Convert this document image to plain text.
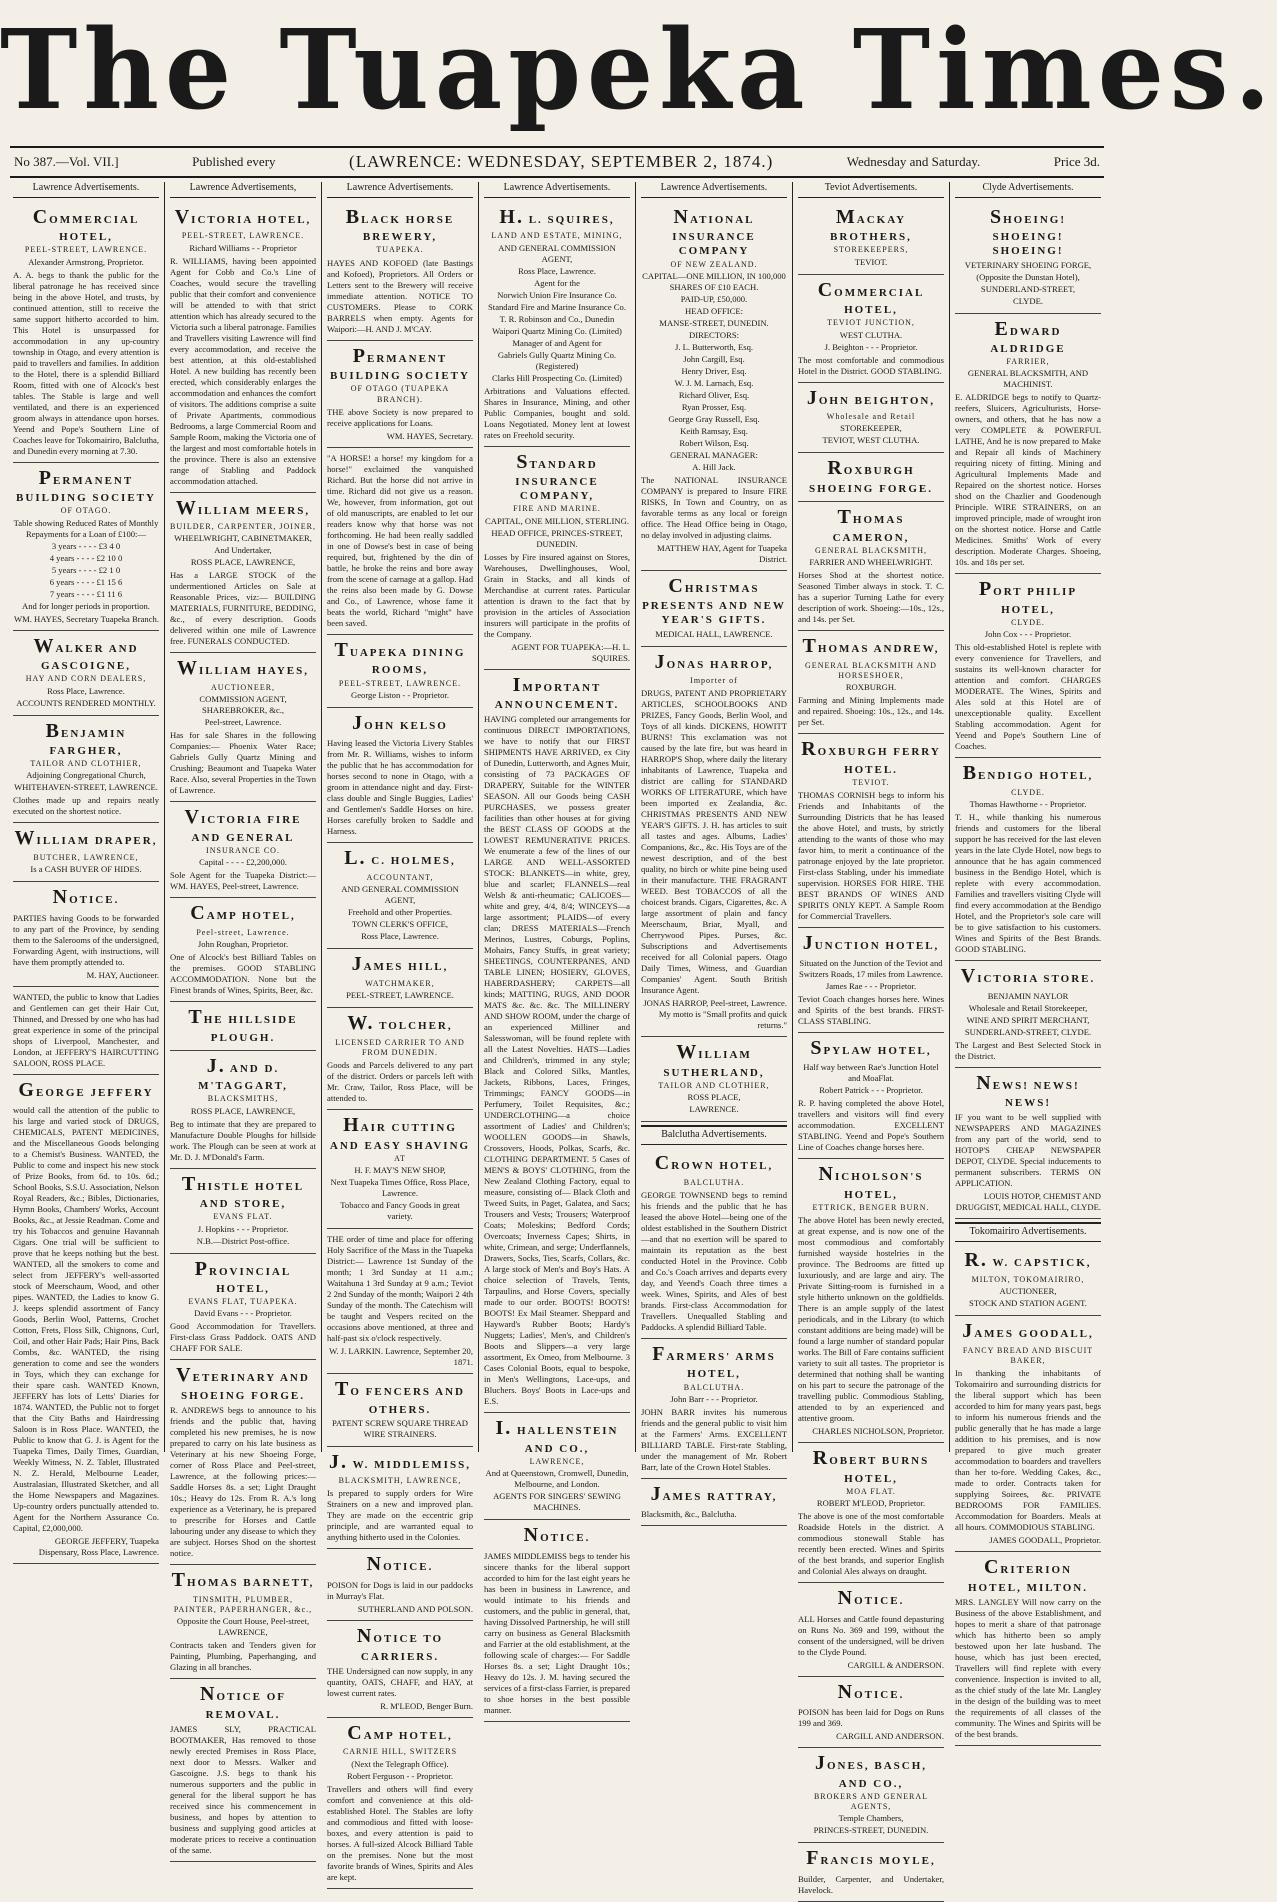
The Tuapeka Times.
No 387.—Vol. VII.]	Published every	(LAWRENCE: WEDNESDAY, SEPTEMBER 2, 1874.)	Wednesday and Saturday.	Price 3d.
Lawrence Advertisements.
COMMERCIAL HOTEL,
PEEL-STREET, LAWRENCE.
Alexander Armstrong, Proprietor.
A. A. begs to thank the public for the liberal patronage he has received since being in the above Hotel, and trusts, by continued attention, still to receive the same support hitherto accorded to him. This Hotel is unsurpassed for accommodation in any up-country township in Otago, and every attention is paid to travellers and families. In addition to the Hotel, there is a splendid Billiard Room, fitted with one of Alcock's best tables. The Stable is large and well ventilated, and there is an experienced groom always in attendance upon horses. Yeend and Pope's Southern Line of Coaches leave for Tokomairiro, Balclutha, and Dunedin every morning at 7.30.
PERMANENT BUILDING SOCIETY
OF OTAGO.
Table showing Reduced Rates of Monthly Repayments for a Loan of £100:—
3 years - - - - £3 4 0
4 years - - - - £2 10 0
5 years - - - - £2 1 0
6 years - - - - £1 15 6
7 years - - - - £1 11 6
And for longer periods in proportion.
WM. HAYES, Secretary Tuapeka Branch.
WALKER AND GASCOIGNE,
HAY AND CORN DEALERS,
Ross Place, Lawrence.
ACCOUNTS RENDERED MONTHLY.
BENJAMIN FARGHER,
TAILOR AND CLOTHIER,
Adjoining Congregational Church,
WHITEHAVEN-STREET, LAWRENCE.
Clothes made up and repairs neatly executed on the shortest notice.
WILLIAM DRAPER,
BUTCHER, LAWRENCE,
Is a CASH BUYER OF HIDES.
NOTICE.
PARTIES having Goods to be forwarded to any part of the Province, by sending them to the Salerooms of the undersigned, Forwarding Agent, with instructions, will have them promptly attended to.
M. HAY, Auctioneer.
WANTED, the public to know that Ladies and Gentlemen can get their Hair Cut, Thinned, and Dressed by one who has had great experience in some of the principal shops of Liverpool, Manchester, and London, at JEFFERY'S HAIRCUTTING SALOON, ROSS PLACE.
GEORGE JEFFERY
would call the attention of the public to his large and varied stock of DRUGS, CHEMICALS, PATENT MEDICINES, and the Miscellaneous Goods belonging to a Chemist's Business. WANTED, the Public to come and inspect his new stock of Prize Books, from 6d. to 10s. 6d.; School Books, S.S.U. Association, Nelson Royal Readers, &c.; Bibles, Dictionaries, Hymn Books, Chambers' Works, Account Books, &c., at Jessie Readman. Come and try his Tobaccos and genuine Havannah Cigars. One trial will be sufficient to prove that he keeps nothing but the best. WANTED, all the smokers to come and select from JEFFERY's well-assorted stock of Meerschaum, Wood, and other pipes. WANTED, the Ladies to know G. J. keeps splendid assortment of Fancy Goods, Berlin Wool, Patterns, Crochet Cotton, Frets, Floss Silk, Chignons, Curl, Coil, and other Hair Pads; Hair Pins, Back Combs, &c. WANTED, the rising generation to come and see the wonders in Toys, which they can exchange for their spare cash. WANTED Known, JEFFERY has lots of Letts' Diaries for 1874. WANTED, the Public not to forget that the City Baths and Hairdressing Saloon is in Ross Place. WANTED, the Public to know that G. J. is Agent for the Tuapeka Times, Daily Times, Guardian, Weekly Witness, N. Z. Tablet, Illustrated N. Z. Herald, Melbourne Leader, Australasian, Illustrated Sketcher, and all the Home Newspapers and Magazines. Up-country orders punctually attended to. Agent for the Northern Assurance Co. Capital, £2,000,000.
GEORGE JEFFERY, Tuapeka Dispensary, Ross Place, Lawrence.
Lawrence Advertisements,
VICTORIA HOTEL,
PEEL-STREET, LAWRENCE.
Richard Williams - - Proprietor
R. WILLIAMS, having been appointed Agent for Cobb and Co.'s Line of Coaches, would secure the travelling public that their comfort and convenience will be attended to with that strict attention which has already secured to the Victoria such a liberal patronage. Families and Travellers visiting Lawrence will find every accommodation, and receive the best attention, at this old-established Hotel. A new building has recently been erected, which considerably enlarges the accommodation and enhances the comfort of visitors. The additions comprise a suite of Private Apartments, commodious Bedrooms, a large Commercial Room and Sample Room, making the Victoria one of the largest and most comfortable hotels in the province. There is also an extensive range of Stabling and Paddock accommodation attached.
WILLIAM MEERS,
BUILDER, CARPENTER, JOINER,
WHEELWRIGHT, CABINETMAKER,
And Undertaker,
ROSS PLACE, LAWRENCE,
Has a LARGE STOCK of the undermentioned Articles on Sale at Reasonable Prices, viz:— BUILDING MATERIALS, FURNITURE, BEDDING, &c., of every description. Goods delivered within one mile of Lawrence free. FUNERALS CONDUCTED.
WILLIAM HAYES,
AUCTIONEER,
COMMISSION AGENT, SHAREBROKER, &c.,
Peel-street, Lawrence.
Has for sale Shares in the following Companies:— Phoenix Water Race; Gabriels Gully Quartz Mining and Crushing; Beaumont and Tuapeka Water Race. Also, several Properties in the Town of Lawrence.
VICTORIA FIRE AND GENERAL
INSURANCE CO.
Capital - - - - £2,200,000.
Sole Agent for the Tuapeka District:— WM. HAYES, Peel-street, Lawrence.
CAMP HOTEL,
Peel-street, Lawrence.
John Roughan, Proprietor.
One of Alcock's best Billiard Tables on the premises. GOOD STABLING ACCOMMODATION. None but the Finest brands of Wines, Spirits, Beer, &c.
THE HILLSIDE PLOUGH.
J. AND D. M'TAGGART,
BLACKSMITHS,
ROSS PLACE, LAWRENCE,
Beg to intimate that they are prepared to Manufacture Double Ploughs for hillside work. The Plough can be seen at work at Mr. D. J. M'Donald's Farm.
THISTLE HOTEL AND STORE,
EVANS FLAT.
J. Hopkins - - - Proprietor.
N.B.—District Post-office.
PROVINCIAL HOTEL,
EVANS FLAT, TUAPEKA.
David Evans - - - Proprietor.
Good Accommodation for Travellers. First-class Grass Paddock. OATS AND CHAFF FOR SALE.
VETERINARY AND SHOEING FORGE.
R. ANDREWS begs to announce to his friends and the public that, having completed his new premises, he is now prepared to carry on his late business as Veterinary at his new Shoeing Forge, corner of Ross Place and Peel-street, Lawrence, at the following prices:— Saddle Horses 8s. a set; Light Draught 10s.; Heavy do 12s. From R. A.'s long experience as a Veterinary, he is prepared to prescribe for Horses and Cattle labouring under any disease to which they are subject. Horses Shod on the shortest notice.
THOMAS BARNETT,
TINSMITH, PLUMBER, PAINTER, PAPERHANGER, &c.,
Opposite the Court House, Peel-street, LAWRENCE,
Contracts taken and Tenders given for Painting, Plumbing, Paperhanging, and Glazing in all branches.
NOTICE OF REMOVAL.
JAMES SLY, PRACTICAL BOOTMAKER, Has removed to those newly erected Premises in Ross Place, next door to Messrs. Walker and Gascoigne. J.S. begs to thank his numerous supporters and the public in general for the liberal support he has received since his commencement in business, and hopes by attention to business and supplying good articles at moderate prices to receive a continuation of the same.
Lawrence Advertisements.
BLACK HORSE BREWERY,
TUAPEKA.
HAYES AND KOFOED (late Bastings and Kofoed), Proprietors. All Orders or Letters sent to the Brewery will receive immediate attention. NOTICE TO CUSTOMERS. Please to CORK BARRELS when empty. Agents for Waipori:—H. AND J. M'CAY.
PERMANENT BUILDING SOCIETY
OF OTAGO (TUAPEKA BRANCH).
THE above Society is now prepared to receive applications for Loans.
WM. HAYES, Secretary.
"A HORSE! a horse! my kingdom for a horse!" exclaimed the vanquished Richard. But the horse did not arrive in time. Richard did not give us a reason. We, however, from information, got out of old manuscripts, are enabled to let our readers know why that horse was not forthcoming. He had been really saddled in one of Dowse's best in case of being required, but, frightened by the din of battle, he broke the reins and bore away from the scene of carnage at a gallop. Had the reins also been made by G. Dowse and Co., of Lawrence, whose fame it beats the world, Richard "might" have been saved.
TUAPEKA DINING ROOMS,
PEEL-STREET, LAWRENCE.
George Liston - - Proprietor.
JOHN KELSO
Having leased the Victoria Livery Stables from Mr. R. Williams, wishes to inform the public that he has accommodation for horses second to none in Otago, with a groom in attendance night and day. First-class double and Single Buggies, Ladies' and Gentlemen's Saddle Horses on hire. Horses carefully broken to Saddle and Harness.
L. C. HOLMES,
ACCOUNTANT,
AND GENERAL COMMISSION AGENT,
Freehold and other Properties.
TOWN CLERK'S OFFICE,
Ross Place, Lawrence.
JAMES HILL,
WATCHMAKER,
PEEL-STREET, LAWRENCE.
W. TOLCHER,
LICENSED CARRIER TO AND FROM DUNEDIN.
Goods and Parcels delivered to any part of the district. Orders or parcels left with Mr. Craw, Tailor, Ross Place, will be attended to.
HAIR CUTTING AND EASY SHAVING
AT
H. F. MAY'S NEW SHOP,
Next Tuapeka Times Office, Ross Place, Lawrence.
Tobacco and Fancy Goods in great variety.
THE order of time and place for offering Holy Sacrifice of the Mass in the Tuapeka District:— Lawrence 1st Sunday of the month; 1 3rd Sunday at 11 a.m.; Waitahuna 1 3rd Sunday at 9 a.m.; Teviot 2 2nd Sunday of the month; Waipori 2 4th Sunday of the month. The Catechism will be taught and Vespers recited on the occasions above mentioned, at three and half-past six o'clock respectively.
W. J. LARKIN. Lawrence, September 20, 1871.
TO FENCERS AND OTHERS.
PATENT SCREW SQUARE THREAD WIRE STRAINERS.
J. W. MIDDLEMISS,
BLACKSMITH, LAWRENCE,
Is prepared to supply orders for Wire Strainers on a new and improved plan. They are made on the eccentric grip principle, and are warranted equal to anything hitherto used in the Colonies.
NOTICE.
POISON for Dogs is laid in our paddocks in Murray's Flat.
SUTHERLAND AND POLSON.
NOTICE TO CARRIERS.
THE Undersigned can now supply, in any quantity, OATS, CHAFF, and HAY, at lowest current rates.
R. M'LEOD, Benger Burn.
CAMP HOTEL,
CARNIE HILL, SWITZERS
(Next the Telegraph Office).
Robert Ferguson - - Proprietor.
Travellers and others will find every comfort and convenience at this old-established Hotel. The Stables are lofty and commodious and fitted with loose-boxes, and every attention is paid to horses. A full-sized Alcock Billiard Table on the premises. None but the most favorite brands of Wines, Spirits and Ales are kept.
Lawrence Advertisements.
H. L. SQUIRES,
LAND AND ESTATE, MINING,
AND GENERAL COMMISSION AGENT,
Ross Place, Lawrence.
Agent for the
Norwich Union Fire Insurance Co.
Standard Fire and Marine Insurance Co.
T. R. Robinson and Co., Dunedin
Waipori Quartz Mining Co. (Limited)
Manager of and Agent for
Gabriels Gully Quartz Mining Co. (Registered)
Clarks Hill Prospecting Co. (Limited)
Arbitrations and Valuations effected. Shares in Insurance, Mining, and other Public Companies, bought and sold. Loans Negotiated. Money lent at lowest rates on Freehold security.
STANDARD INSURANCE COMPANY,
FIRE AND MARINE.
CAPITAL, ONE MILLION, STERLING.
HEAD OFFICE, PRINCES-STREET, DUNEDIN.
Losses by Fire insured against on Stores, Warehouses, Dwellinghouses, Wool, Grain in Stacks, and all kinds of Merchandise at current rates. Particular attention is drawn to the fact that by provision in the articles of Association insurers will participate in the profits of the Company.
AGENT FOR TUAPEKA:—H. L. SQUIRES.
IMPORTANT ANNOUNCEMENT.
HAVING completed our arrangements for continuous DIRECT IMPORTATIONS, we have to notify that our FIRST SHIPMENTS HAVE ARRIVED, ex City of Dunedin, Lutterworth, and Agnes Muir, consisting of 73 PACKAGES OF DRAPERY, Suitable for the WINTER SEASON. All our Goods being CASH PURCHASES, we possess greater facilities than other houses at for giving the BEST CLASS OF GOODS at the LOWEST REMUNERATIVE PRICES. We enumerate a few of the lines of our LARGE AND WELL-ASSORTED STOCK: BLANKETS—in white, grey, blue and scarlet; FLANNELS—real Welsh & anti-rheumatic; CALICOES—white and grey, 4/4, 8/4; WINCEYS—a large assortment; PLAIDS—of every clan; DRESS MATERIALS—French Merinos, Lustres, Coburgs, Poplins, Mohairs, Fancy Stuffs, in great variety; SHEETINGS, COUNTERPANES, AND TABLE LINEN; HOSIERY, GLOVES, HABERDASHERY; CARPETS—all kinds; MATTING, RUGS, AND DOOR MATS &c. &c. &c. The MILLINERY AND SHOW ROOM, under the charge of an experienced Milliner and Salesswoman, will be found replete with all the Latest Novelties. HATS—Ladies and Children's, trimmed in any style; Black and Colored Silks, Mantles, Jackets, Ribbons, Laces, Fringes, Trimmings; FANCY GOODS—in Perfumery, Toilet Requisites, &c.; UNDERCLOTHING—a choice assortment of Ladies' and Children's; WOOLLEN GOODS—in Shawls, Crossovers, Hoods, Polkas, Scarfs, &c. CLOTHING DEPARTMENT. 5 Cases of MEN'S & BOYS' CLOTHING, from the New Zealand Clothing Factory, equal to measure, consisting of— Black Cloth and Tweed Suits, in Paget, Galatea, and Sacs; Trousers and Vests; Trousers; Waterproof Coats; Moleskins; Bedford Cords; Overcoats; Inverness Capes; Shirts, in white, Crimean, and serge; Underflannels, Drawers, Socks, Ties, Scarfs, Collars, &c. A large stock of Men's and Boy's Hats. A choice selection of Travels, Tents, Tarpaulins, and Horse Covers, specially made to our order. BOOTS! BOOTS! BOOTS! Ex Mail Steamer. Sheppard and Hayward's Rubber Boots; Hardy's Nuggets; Ladies', Men's, and Children's Boots and Slippers—a very large assortment, Ex Omeo, from Melbourne. 3 Cases Colonial Boots, equal to bespoke, in Men's Wellingtons, Lace-ups, and Bluchers. Boys' Boots in Lace-ups and E.S.
I. HALLENSTEIN AND CO.,
LAWRENCE,
And at Queenstown, Cromwell, Dunedin, Melbourne, and London.
AGENTS FOR SINGERS' SEWING MACHINES.
NOTICE.
JAMES MIDDLEMISS begs to tender his sincere thanks for the liberal support accorded to him for the last eight years he has been in business in Lawrence, and would intimate to his friends and customers, and the public in general, that, having Dissolved Partnership, he will still carry on business as General Blacksmith and Farrier at the old establishment, at the following scale of charges:— For Saddle Horses 8s. a set; Light Draught 10s.; Heavy do 12s. J. M. having secured the services of a first-class Farrier, is prepared to shoe horses in the best possible manner.
Lawrence Advertisements.
NATIONAL INSURANCE COMPANY
OF NEW ZEALAND.
CAPITAL—ONE MILLION, IN 100,000 SHARES OF £10 EACH.
PAID-UP, £50,000.
HEAD OFFICE:
MANSE-STREET, DUNEDIN.
DIRECTORS:
J. L. Butterworth, Esq.
John Cargill, Esq.
Henry Driver, Esq.
W. J. M. Larnach, Esq.
Richard Oliver, Esq.
Ryan Prosser, Esq.
George Gray Russell, Esq.
Keith Ramsay, Esq.
Robert Wilson, Esq.
GENERAL MANAGER:
A. Hill Jack.
The NATIONAL INSURANCE COMPANY is prepared to Insure FIRE RISKS, In Town and Country, on as favorable terms as any local or foreign office. The Head Office being in Otago, no delay involved in adjusting claims.
MATTHEW HAY, Agent for Tuapeka District.
CHRISTMAS PRESENTS AND NEW YEAR'S GIFTS.
MEDICAL HALL, LAWRENCE.
JONAS HARROP,
Importer of
DRUGS, PATENT AND PROPRIETARY ARTICLES, SCHOOLBOOKS AND PRIZES, Fancy Goods, Berlin Wool, and Toys of all kinds. DICKENS, HOWITT BURNS! This exclamation was not caused by the late fire, but was heard in HARROP'S Shop, where daily the literary inhabitants of Lawrence, Tuapeka and district are calling for STANDARD WORKS OF LITERATURE, which have been imported ex Zealandia, &c. CHRISTMAS PRESENTS AND NEW YEAR'S GIFTS. J. H. has articles to suit all tastes and ages. Albums, Ladies' Companions, &c., &c. His Toys are of the newest description, and of the best quality, no birch or white pine being used in their manufacture. THE FRAGRANT WEED. Best TOBACCOS of all the choicest brands. Cigars, Cigarettes, &c. A large assortment of plain and fancy Meerschaum, Briar, Myall, and Cherrywood Pipes. Purses, &c. Subscriptions and Advertisements received for all Colonial papers. Otago Daily Times, Witness, and Guardian Companies' Agent. South British Insurance Agent.
JONAS HARROP, Peel-street, Lawrence. My motto is "Small profits and quick returns."
WILLIAM SUTHERLAND,
TAILOR AND CLOTHIER,
ROSS PLACE,
LAWRENCE.
Balclutha Advertisements.
CROWN HOTEL,
BALCLUTHA.
GEORGE TOWNSEND begs to remind his friends and the public that he has leased the above Hotel—being one of the oldest established in the Southern District—and that no exertion will be spared to maintain its reputation as the best conducted Hotel in the Province. Cobb and Co.'s Coach arrives and departs every day, and Yeend's Coach three times a week. Wines, Spirits, and Ales of best brands. First-class Accommodation for Travellers. Unequalled Stabling and Paddocks. A splendid Billiard Table.
FARMERS' ARMS HOTEL,
BALCLUTHA.
John Barr - - - Proprietor.
JOHN BARR invites his numerous friends and the general public to visit him at the Farmers' Arms. EXCELLENT BILLIARD TABLE. First-rate Stabling, under the management of Mr. Robert Barr, late of the Crown Hotel Stables.
JAMES RATTRAY,
Blacksmith, &c., Balclutha.
Teviot Advertisements.
MACKAY BROTHERS,
STOREKEEPERS,
TEVIOT.
COMMERCIAL HOTEL,
TEVIOT JUNCTION,
WEST CLUTHA.
J. Beighton - - - Proprietor.
The most comfortable and commodious Hotel in the District. GOOD STABLING.
JOHN BEIGHTON,
Wholesale and Retail
STOREKEEPER,
TEVIOT, WEST CLUTHA.
ROXBURGH SHOEING FORGE.
THOMAS CAMERON,
GENERAL BLACKSMITH,
FARRIER AND WHEELWRIGHT.
Horses Shod at the shortest notice. Seasoned Timber always in stock. T. C. has a superior Turning Lathe for every description of work. Shoeing:—10s., 12s., and 14s. per Set.
THOMAS ANDREW,
GENERAL BLACKSMITH AND HORSESHOER,
ROXBURGH.
Farming and Mining Implements made and repaired. Shoeing: 10s., 12s., and 14s. per Set.
ROXBURGH FERRY HOTEL.
TEVIOT.
THOMAS CORNISH begs to inform his Friends and Inhabitants of the Surrounding Districts that he has leased the above Hotel, and trusts, by strictly attending to the wants of those who may favor him, to merit a continuance of the patronage enjoyed by the late proprietor. First-class Stabling, under his immediate supervision. HORSES FOR HIRE. THE BEST BRANDS OF WINES AND SPIRITS ONLY KEPT. A Sample Room for Commercial Travellers.
JUNCTION HOTEL,
Situated on the Junction of the Teviot and Switzers Roads, 17 miles from Lawrence.
James Rae - - - Proprietor.
Teviot Coach changes horses here. Wines and Spirits of the best brands. FIRST-CLASS STABLING.
SPYLAW HOTEL,
Half way between Rae's Junction Hotel and MoaFlat.
Robert Patrick - - - Proprietor.
R. P. having completed the above Hotel, travellers and visitors will find every accommodation. EXCELLENT STABLING. Yeend and Pope's Southern Line of Coaches change horses here.
NICHOLSON'S HOTEL,
ETTRICK, BENGER BURN.
The above Hotel has been newly erected, at great expense, and is now one of the most commodious and comfortably furnished wayside hostelries in the province. The Bedrooms are fitted up luxuriously, and are large and airy. The Private Sitting-room is furnished in a style hitherto unknown on the goldfields. There is an ample supply of the latest periodicals, and in the Library (to which constant additions are being made) will be found a large number of standard popular works. The Bill of Fare contains sufficient variety to suit all tastes. The proprietor is determined that nothing shall be wanting on his part to secure the patronage of the travelling public. Commodious Stabling, attended to by an experienced and attentive groom.
CHARLES NICHOLSON, Proprietor.
ROBERT BURNS HOTEL,
MOA FLAT.
ROBERT M'LEOD, Proprietor.
The above is one of the most comfortable Roadside Hotels in the district. A commodious stonewall Stable has recently been erected. Wines and Spirits of the best brands, and superior English and Colonial Ales always on draught.
NOTICE.
ALL Horses and Cattle found depasturing on Runs No. 369 and 199, without the consent of the undersigned, will be driven to the Clyde Pound.
CARGILL & ANDERSON.
NOTICE.
POISON has been laid for Dogs on Runs 199 and 369.
CARGILL AND ANDERSON.
JONES, BASCH, AND CO.,
BROKERS AND GENERAL AGENTS,
Temple Chambers,
PRINCES-STREET, DUNEDIN.
FRANCIS MOYLE,
Builder, Carpenter, and Undertaker, Havelock.
Clyde Advertisements.
SHOEING! SHOEING! SHOEING!
VETERINARY SHOEING FORGE,
(Opposite the Dunstan Hotel),
SUNDERLAND-STREET,
CLYDE.
EDWARD ALDRIDGE
FARRIER,
GENERAL BLACKSMITH, AND MACHINIST.
E. ALDRIDGE begs to notify to Quartz-reefers, Sluicers, Agriculturists, Horse-owners, and others, that he has now a very COMPLETE & POWERFUL LATHE, And he is now prepared to Make and Repair all kinds of Machinery requiring nicety of fitting. Mining and Agricultural Implements Made and Repaired on the shortest notice. Horses shod on the Chazlier and Goodenough Principle. WIRE STRAINERS, on an improved principle, made of wrought iron on the shortest notice. Horse and Cattle Medicines. Smiths' Work of every description. Moderate Charges. Shoeing, 10s. and 18s per set.
PORT PHILIP HOTEL,
CLYDE.
John Cox - - - Proprietor.
This old-established Hotel is replete with every convenience for Travellers, and sustains its well-known character for attention and comfort. CHARGES MODERATE. The Wines, Spirits and Ales sold at this Hotel are of unexceptionable quality. Excellent Stabling accommodation. Agent for Yeend and Pope's Southern Line of Coaches.
BENDIGO HOTEL,
CLYDE.
Thomas Hawthorne - - Proprietor.
T. H., while thanking his numerous friends and customers for the liberal support he has received for the last eleven years in the late Clyde Hotel, now begs to announce that he has again commenced business in the Bendigo Hotel, which is replete with every accommodation. Families and travellers visiting Clyde will find every accommodation at the Bendigo Hotel, and the Proprietor's sole care will be to give satisfaction to his customers. Wines and Spirits of the Best Brands. GOOD STABLING.
VICTORIA STORE.
BENJAMIN NAYLOR
Wholesale and Retail Storekeeper,
WINE AND SPIRIT MERCHANT,
SUNDERLAND-STREET, CLYDE.
The Largest and Best Selected Stock in the District.
NEWS! NEWS! NEWS!
IF you want to be well supplied with NEWSPAPERS AND MAGAZINES from any part of the world, send to HOTOP'S CHEAP NEWSPAPER DEPOT, CLYDE. Special inducements to permanent subscribers. TERMS ON APPLICATION.
LOUIS HOTOP, CHEMIST AND DRUGGIST, MEDICAL HALL, CLYDE.
Tokomairiro Advertisements.
R. W. CAPSTICK,
MILTON, TOKOMAIRIRO,
AUCTIONEER,
STOCK AND STATION AGENT.
JAMES GOODALL,
FANCY BREAD AND BISCUIT BAKER,
In thanking the inhabitants of Tokomairiro and surrounding districts for the liberal support which has been accorded to him for many years past, begs to inform his numerous friends and the public generally that he has made a large addition to his premises, and is now prepared to give much greater accommodation to boarders and travellers than her to-fore. Wedding Cakes, &c., made to order. Contracts taken for supplying Soirees, &c. PRIVATE BEDROOMS FOR FAMILIES. Accommodation for Boarders. Meals at all hours. COMMODIOUS STABLING.
JAMES GOODALL, Proprietor.
CRITERION HOTEL, MILTON.
MRS. LANGLEY Will now carry on the Business of the above Establishment, and hopes to merit a share of that patronage which has hitherto been so amply bestowed upon her late husband. The house, which has just been erected, Travellers will find replete with every convenience. Inspection is invited to all, as the chief study of the late Mr. Langley in the design of the building was to meet the requirements of all classes of the community. The Wines and Spirits will be of the best brands.
